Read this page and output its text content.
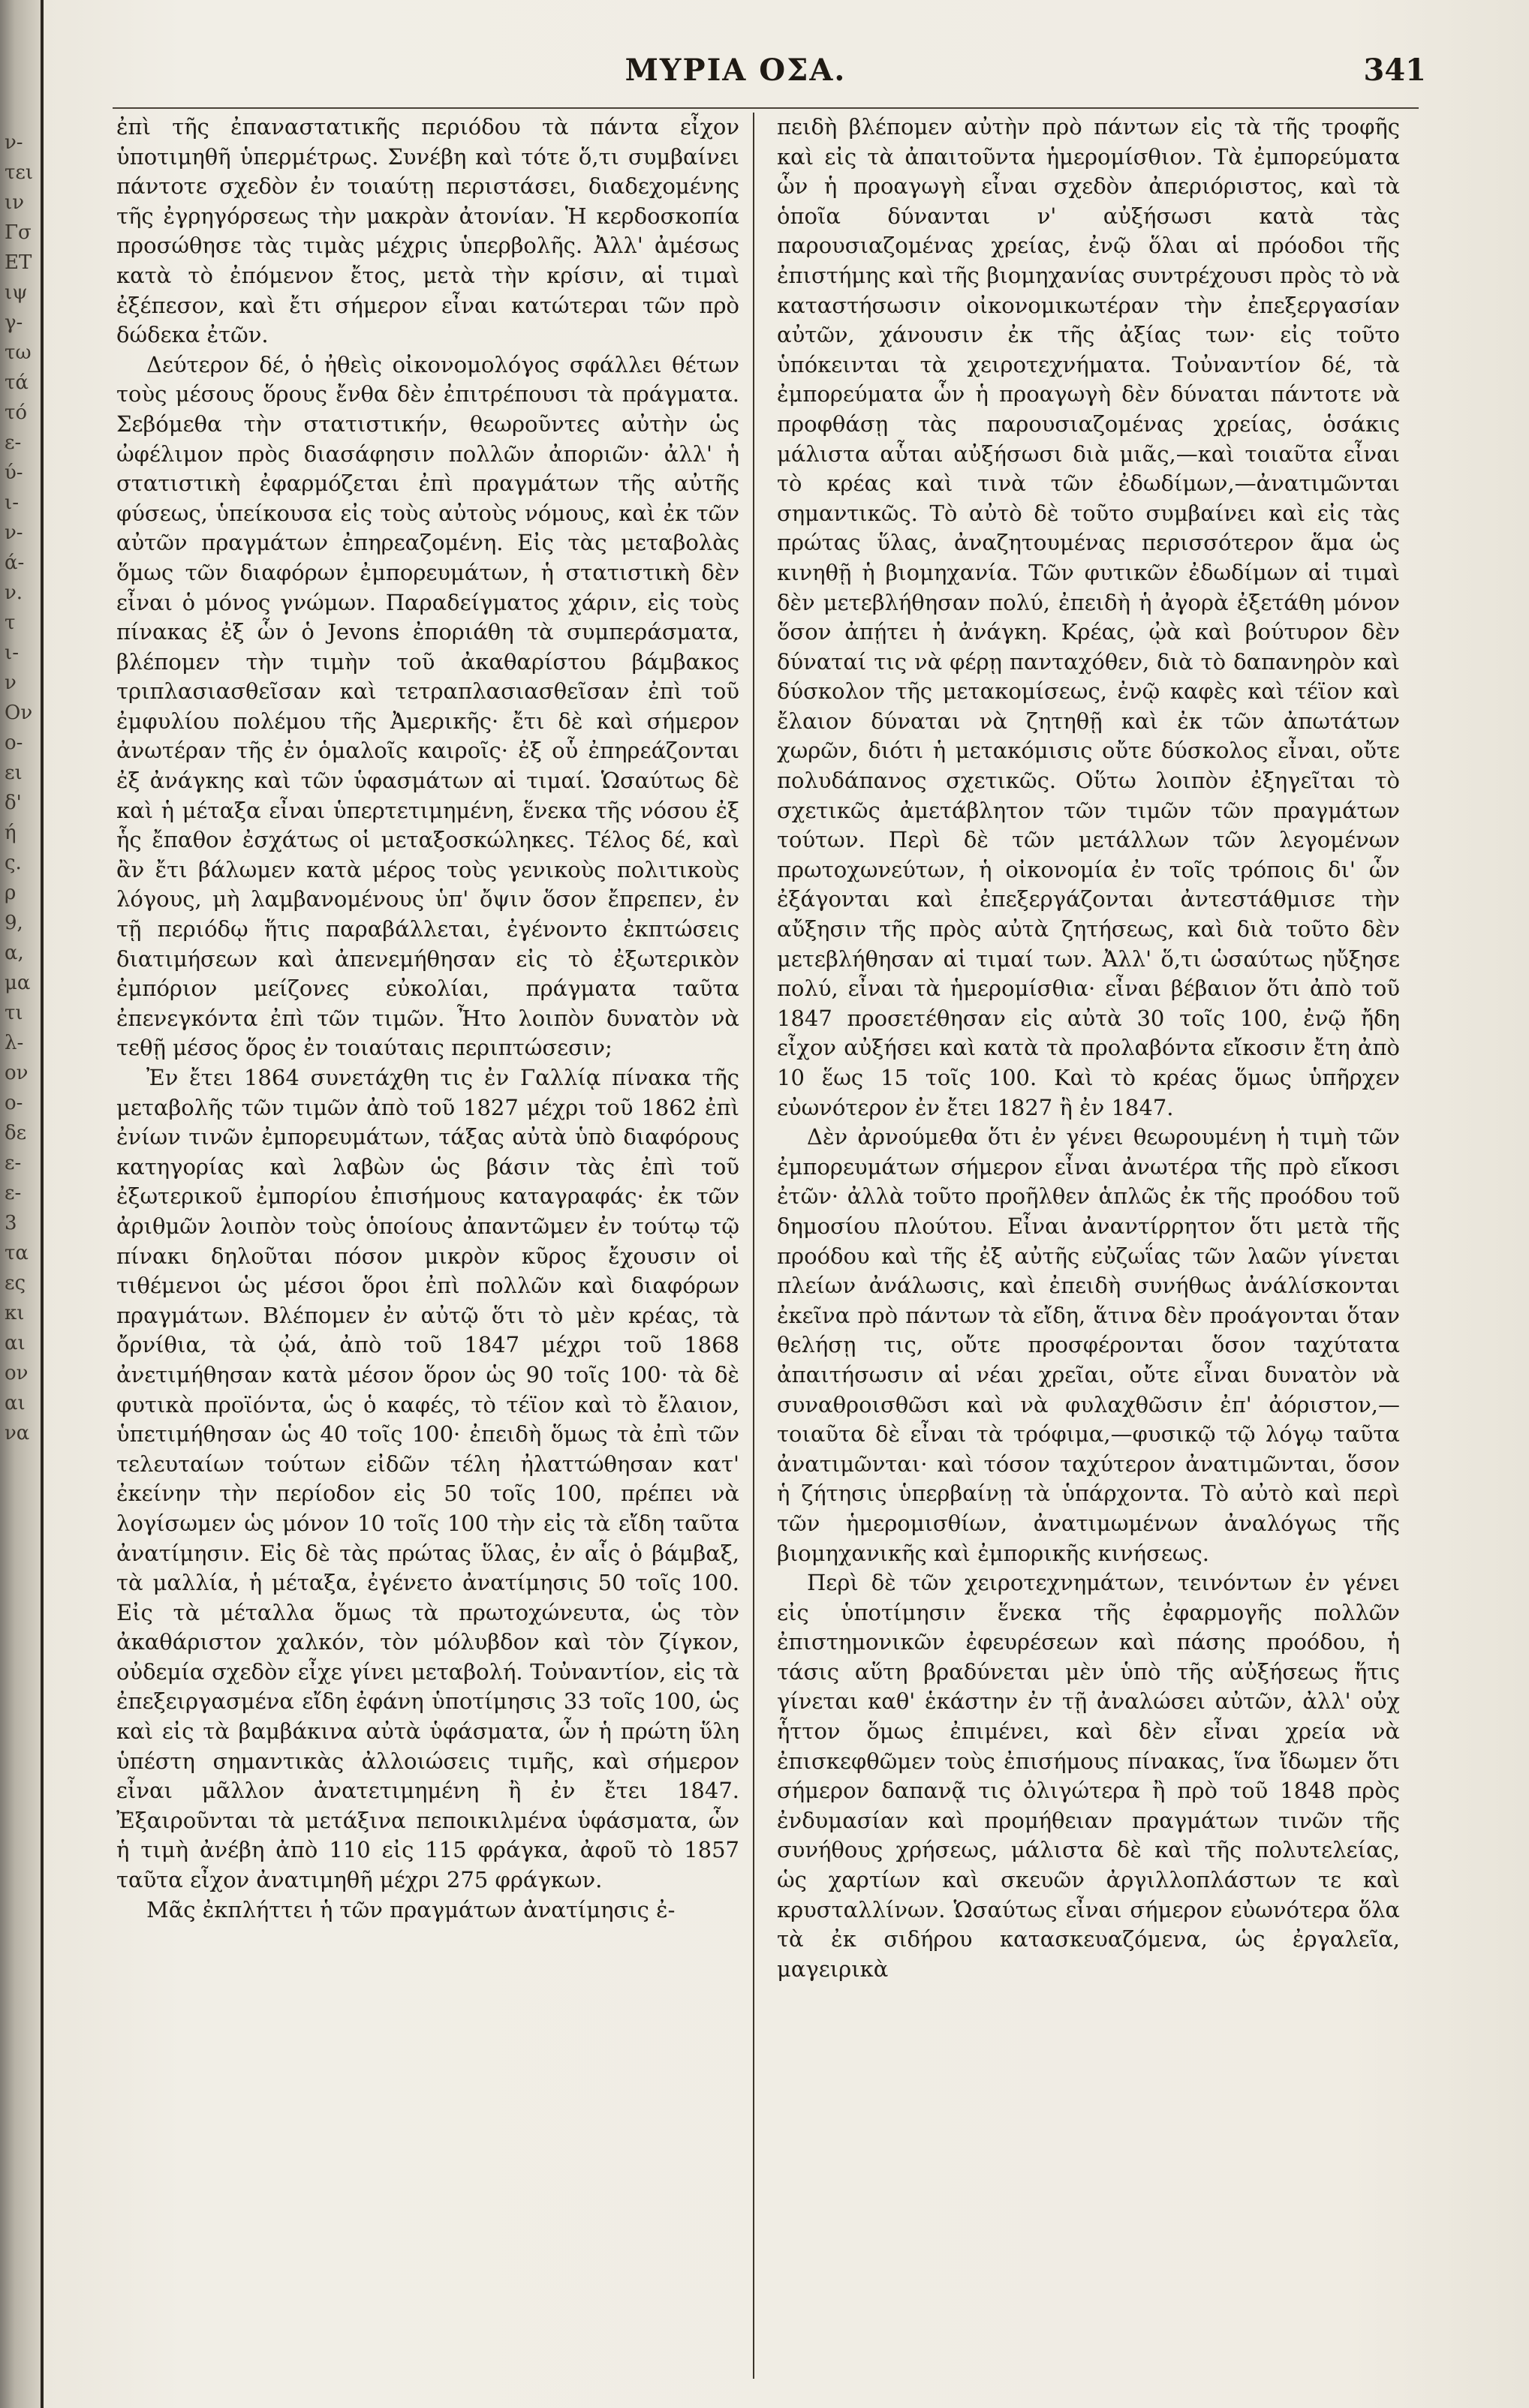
ν-
τει
ιν
Γσ
ΕΤ
ιψ
γ-
τω
τά
τό
ε-
ύ-
ι-
ν-
ά-
ν.
τ
ι-
ν
Ον
ο-
ει
δ'
ή
ς.
ρ
9,
α,
μα
τι
λ-
ον
ο-
δε
ε-
ε-
3
τα
ες
κι
αι
ον
αι
να
ΜΥΡΙΑ ΟΣΑ.	341

ἐπὶ τῆς ἐπαναστατικῆς περιόδου τὰ πάντα εἶχον ὑποτιμηθῆ ὑπερμέτρως. Συνέβη καὶ τότε ὅ,τι συμβαίνει πάντοτε σχεδὸν ἐν τοιαύτῃ περιστάσει, διαδεχομένης τῆς ἐγρηγόρσεως τὴν μακρὰν ἀτονίαν. Ἡ κερδοσκοπία προσώθησε τὰς τιμὰς μέχρις ὑπερβολῆς. Ἀλλ' ἀμέσως κατὰ τὸ ἐπόμενον ἔτος, μετὰ τὴν κρίσιν, αἱ τιμαὶ ἐξέπεσον, καὶ ἔτι σήμερον εἶναι κατώτεραι τῶν πρὸ δώδεκα ἐτῶν.

Δεύτερον δέ, ὁ ἠθεὶς οἰκονομολόγος σφάλλει θέτων τοὺς μέσους ὅρους ἔνθα δὲν ἐπιτρέπουσι τὰ πράγματα. Σεβόμεθα τὴν στατιστικήν, θεωροῦντες αὐτὴν ὡς ὠφέλιμον πρὸς διασάφησιν πολλῶν ἀποριῶν· ἀλλ' ἡ στατιστικὴ ἐφαρμόζεται ἐπὶ πραγμάτων τῆς αὐτῆς φύσεως, ὑπείκουσα εἰς τοὺς αὐτοὺς νόμους, καὶ ἐκ τῶν αὐτῶν πραγμάτων ἐπηρεαζομένη. Εἰς τὰς μεταβολὰς ὅμως τῶν διαφόρων ἐμπορευμάτων, ἡ στατιστικὴ δὲν εἶναι ὁ μόνος γνώμων. Παραδείγματος χάριν, εἰς τοὺς πίνακας ἐξ ὧν ὁ Jevons ἐποριάθη τὰ συμπεράσματα, βλέπομεν τὴν τιμὴν τοῦ ἀκαθαρίστου βάμβακος τριπλασιασθεῖσαν καὶ τετραπλασιασθεῖσαν ἐπὶ τοῦ ἐμφυλίου πολέμου τῆς Ἀμερικῆς· ἔτι δὲ καὶ σήμερον ἀνωτέραν τῆς ἐν ὁμαλοῖς καιροῖς· ἐξ οὗ ἐπηρεάζονται ἐξ ἀνάγκης καὶ τῶν ὑφασμάτων αἱ τιμαί. Ὡσαύτως δὲ καὶ ἡ μέταξα εἶναι ὑπερτετιμημένη, ἕνεκα τῆς νόσου ἐξ ἧς ἔπαθον ἐσχάτως οἱ μεταξοσκώληκες. Τέλος δέ, καὶ ἂν ἔτι βάλωμεν κατὰ μέρος τοὺς γενικοὺς πολιτικοὺς λόγους, μὴ λαμβανομένους ὑπ' ὄψιν ὅσον ἔπρεπεν, ἐν τῇ περιόδῳ ἥτις παραβάλλεται, ἐγένοντο ἐκπτώσεις διατιμήσεων καὶ ἀπενεμήθησαν εἰς τὸ ἐξωτερικὸν ἐμπόριον μείζονες εὐκολίαι, πράγματα ταῦτα ἐπενεγκόντα ἐπὶ τῶν τιμῶν. Ἦτο λοιπὸν δυνατὸν νὰ τεθῇ μέσος ὅρος ἐν τοιαύταις περιπτώσεσιν;

Ἐν ἔτει 1864 συνετάχθη τις ἐν Γαλλίᾳ πίνακα τῆς μεταβολῆς τῶν τιμῶν ἀπὸ τοῦ 1827 μέχρι τοῦ 1862 ἐπὶ ἐνίων τινῶν ἐμπορευμάτων, τάξας αὐτὰ ὑπὸ διαφόρους κατηγορίας καὶ λαβὼν ὡς βάσιν τὰς ἐπὶ τοῦ ἐξωτερικοῦ ἐμπορίου ἐπισήμους καταγραφάς· ἐκ τῶν ἀριθμῶν λοιπὸν τοὺς ὁποίους ἀπαντῶμεν ἐν τούτῳ τῷ πίνακι δηλοῦται πόσον μικρὸν κῦρος ἔχουσιν οἱ τιθέμενοι ὡς μέσοι ὅροι ἐπὶ πολλῶν καὶ διαφόρων πραγμάτων. Βλέπομεν ἐν αὐτῷ ὅτι τὸ μὲν κρέας, τὰ ὄρνίθια, τὰ ᾠά, ἀπὸ τοῦ 1847 μέχρι τοῦ 1868 ἀνετιμήθησαν κατὰ μέσον ὅρον ὡς 90 τοῖς 100· τὰ δὲ φυτικὰ προϊόντα, ὡς ὁ καφές, τὸ τέϊον καὶ τὸ ἔλαιον, ὑπετιμήθησαν ὡς 40 τοῖς 100· ἐπειδὴ ὅμως τὰ ἐπὶ τῶν τελευταίων τούτων εἰδῶν τέλη ἠλαττώθησαν κατ' ἐκείνην τὴν περίοδον εἰς 50 τοῖς 100, πρέπει νὰ λογίσωμεν ὡς μόνον 10 τοῖς 100 τὴν εἰς τὰ εἴδη ταῦτα ἀνατίμησιν. Εἰς δὲ τὰς πρώτας ὕλας, ἐν αἷς ὁ βάμβαξ, τὰ μαλλία, ἡ μέταξα, ἐγένετο ἀνατίμησις 50 τοῖς 100. Εἰς τὰ μέταλλα ὅμως τὰ πρωτοχώνευτα, ὡς τὸν ἀκαθάριστον χαλκόν, τὸν μόλυβδον καὶ τὸν ζίγκον, οὐδεμία σχεδὸν εἶχε γίνει μεταβολή. Τοὐναντίον, εἰς τὰ ἐπεξειργασμένα εἴδη ἐφάνη ὑποτίμησις 33 τοῖς 100, ὡς καὶ εἰς τὰ βαμβάκινα αὐτὰ ὑφάσματα, ὧν ἡ πρώτη ὕλη ὑπέστη σημαντικὰς ἀλλοιώσεις τιμῆς, καὶ σήμερον εἶναι μᾶλλον ἀνατετιμημένη ἢ ἐν ἔτει 1847. Ἐξαιροῦνται τὰ μετάξινα πεποικιλμένα ὑφάσματα, ὧν ἡ τιμὴ ἀνέβη ἀπὸ 110 εἰς 115 φράγκα, ἀφοῦ τὸ 1857 ταῦτα εἶχον ἀνατιμηθῆ μέχρι 275 φράγκων.

Μᾶς ἐκπλήττει ἡ τῶν πραγμάτων ἀνατίμησις ἐ-

πειδὴ βλέπομεν αὐτὴν πρὸ πάντων εἰς τὰ τῆς τροφῆς καὶ εἰς τὰ ἀπαιτοῦντα ἡμερομίσθιον. Τὰ ἐμπορεύματα ὧν ἡ προαγωγὴ εἶναι σχεδὸν ἀπεριόριστος, καὶ τὰ ὁποῖα δύνανται ν' αὐξήσωσι κατὰ τὰς παρουσιαζομένας χρείας, ἐνῷ ὅλαι αἱ πρόοδοι τῆς ἐπιστήμης καὶ τῆς βιομηχανίας συντρέχουσι πρὸς τὸ νὰ καταστήσωσιν οἰκονομικωτέραν τὴν ἐπεξεργασίαν αὐτῶν, χάνουσιν ἐκ τῆς ἀξίας των· εἰς τοῦτο ὑπόκεινται τὰ χειροτεχνήματα. Τοὐναντίον δέ, τὰ ἐμπορεύματα ὧν ἡ προαγωγὴ δὲν δύναται πάντοτε νὰ προφθάσῃ τὰς παρουσιαζομένας χρείας, ὁσάκις μάλιστα αὗται αὐξήσωσι διὰ μιᾶς,—καὶ τοιαῦτα εἶναι τὸ κρέας καὶ τινὰ τῶν ἐδωδίμων,—ἀνατιμῶνται σημαντικῶς. Τὸ αὐτὸ δὲ τοῦτο συμβαίνει καὶ εἰς τὰς πρώτας ὕλας, ἀναζητουμένας περισσότερον ἅμα ὡς κινηθῇ ἡ βιομηχανία. Τῶν φυτικῶν ἐδωδίμων αἱ τιμαὶ δὲν μετεβλήθησαν πολύ, ἐπειδὴ ἡ ἀγορὰ ἐξετάθη μόνον ὅσον ἀπῄτει ἡ ἀνάγκη. Κρέας, ᾠὰ καὶ βούτυρον δὲν δύναταί τις νὰ φέρῃ πανταχόθεν, διὰ τὸ δαπανηρὸν καὶ δύσκολον τῆς μετακομίσεως, ἐνῷ καφὲς καὶ τέϊον καὶ ἔλαιον δύναται νὰ ζητηθῇ καὶ ἐκ τῶν ἀπωτάτων χωρῶν, διότι ἡ μετακόμισις οὔτε δύσκολος εἶναι, οὔτε πολυδάπανος σχετικῶς. Οὕτω λοιπὸν ἐξηγεῖται τὸ σχετικῶς ἀμετάβλητον τῶν τιμῶν τῶν πραγμάτων τούτων. Περὶ δὲ τῶν μετάλλων τῶν λεγομένων πρωτοχωνεύτων, ἡ οἰκονομία ἐν τοῖς τρόποις δι' ὧν ἐξάγονται καὶ ἐπεξεργάζονται ἀντεστάθμισε τὴν αὔξησιν τῆς πρὸς αὐτὰ ζητήσεως, καὶ διὰ τοῦτο δὲν μετεβλήθησαν αἱ τιμαί των. Ἀλλ' ὅ,τι ὡσαύτως ηὔξησε πολύ, εἶναι τὰ ἡμερομίσθια· εἶναι βέβαιον ὅτι ἀπὸ τοῦ 1847 προσετέθησαν εἰς αὐτὰ 30 τοῖς 100, ἐνῷ ἤδη εἶχον αὐξήσει καὶ κατὰ τὰ προλαβόντα εἴκοσιν ἔτη ἀπὸ 10 ἕως 15 τοῖς 100. Καὶ τὸ κρέας ὅμως ὑπῆρχεν εὐωνότερον ἐν ἔτει 1827 ἢ ἐν 1847.

Δὲν ἀρνούμεθα ὅτι ἐν γένει θεωρουμένη ἡ τιμὴ τῶν ἐμπορευμάτων σήμερον εἶναι ἀνωτέρα τῆς πρὸ εἴκοσι ἐτῶν· ἀλλὰ τοῦτο προῆλθεν ἁπλῶς ἐκ τῆς προόδου τοῦ δημοσίου πλούτου. Εἶναι ἀναντίρρητον ὅτι μετὰ τῆς προόδου καὶ τῆς ἐξ αὐτῆς εὐζωΐας τῶν λαῶν γίνεται πλείων ἀνάλωσις, καὶ ἐπειδὴ συνήθως ἀνάλίσκονται ἐκεῖνα πρὸ πάντων τὰ εἴδη, ἅτινα δὲν προάγονται ὅταν θελήσῃ τις, οὔτε προσφέρονται ὅσον ταχύτατα ἀπαιτήσωσιν αἱ νέαι χρεῖαι, οὔτε εἶναι δυνατὸν νὰ συναθροισθῶσι καὶ νὰ φυλαχθῶσιν ἐπ' ἀόριστον,—τοιαῦτα δὲ εἶναι τὰ τρόφιμα,—φυσικῷ τῷ λόγῳ ταῦτα ἀνατιμῶνται· καὶ τόσον ταχύτερον ἀνατιμῶνται, ὅσον ἡ ζήτησις ὑπερβαίνῃ τὰ ὑπάρχοντα. Τὸ αὐτὸ καὶ περὶ τῶν ἡμερομισθίων, ἀνατιμωμένων ἀναλόγως τῆς βιομηχανικῆς καὶ ἐμπορικῆς κινήσεως.

Περὶ δὲ τῶν χειροτεχνημάτων, τεινόντων ἐν γένει εἰς ὑποτίμησιν ἕνεκα τῆς ἐφαρμογῆς πολλῶν ἐπιστημονικῶν ἐφευρέσεων καὶ πάσης προόδου, ἡ τάσις αὕτη βραδύνεται μὲν ὑπὸ τῆς αὐξήσεως ἥτις γίνεται καθ' ἑκάστην ἐν τῇ ἀναλώσει αὐτῶν, ἀλλ' οὐχ ἧττον ὅμως ἐπιμένει, καὶ δὲν εἶναι χρεία νὰ ἐπισκεφθῶμεν τοὺς ἐπισήμους πίνακας, ἵνα ἴδωμεν ὅτι σήμερον δαπανᾷ τις ὀλιγώτερα ἢ πρὸ τοῦ 1848 πρὸς ἐνδυμασίαν καὶ προμήθειαν πραγμάτων τινῶν τῆς συνήθους χρήσεως, μάλιστα δὲ καὶ τῆς πολυτελείας, ὡς χαρτίων καὶ σκευῶν ἀργιλλοπλάστων τε καὶ κρυσταλλίνων. Ὡσαύτως εἶναι σήμερον εὐωνότερα ὅλα τὰ ἐκ σιδήρου κατασκευαζόμενα, ὡς ἐργαλεῖα, μαγειρικὰ
